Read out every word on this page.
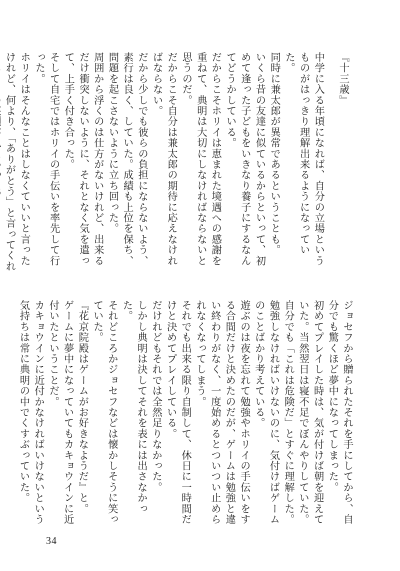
『十三歳』

中学に入る年頃になれば、自分の立場というものがはっきり理解出来るようになっていた。

同時に兼太郎が異常であるということも。

いくら昔の友達に似ているからといって、初めて逢った子どもをいきなり養子にするなんてどうかしている。

だからこそホリイは恵まれた境遇への感謝を重ねて、典明は大切にしなければならないと思うのだ。

だからこそ自分は兼太郎の期待に応えなければならない。

だから少しでも彼らの負担にならないよう、素行は良く、していた。成績も上位を保ち、問題を起こさないように立ち回った。

周囲から浮くのは仕方がないけれど、出来るだけ衝突しないように、それとなく気を遣って、上手く付き合った。

そして自宅ではホリイの手伝いを率先して行った。

ホリイはそんなことはしなくていいと言ったけれど、何より、「ありがとう」と言ってくれ

ジョセフから贈られたそれを手にしてから、自分でも驚くほど夢中になってしまった。

初めてプレイした時は、気が付けば朝を迎えていた。当然翌日は寝不足でぼんやりしていた。

自分でも「これは危険だ」とすぐに理解した。

勉強しなければいけないのに、気付けばゲームのことばかり考えている。

遊ぶのは夜を忘れて勉強やホリイの手伝いをする合間だけと決めたのだが、ゲームは勉強と違い終わりがなく、一度始めるとついつい止められなくなってしまう。

それでも出来る限り自制して、休日に一時間だけと決めてプレイしている。

だけれどもそれでは全然足りなかった。

しかし典明は決してそれを表には出さなかった。

それどころかジョセフなどは懐かしそうに笑っていた。

『花京院殿はゲームがお好きなようだ』と。

ゲームに夢中になっていてもカキョウインに近付いたということだ。

カキョウインに近付かなければいけないという気持ちは常に典明の中でくすぶっていた。

34
